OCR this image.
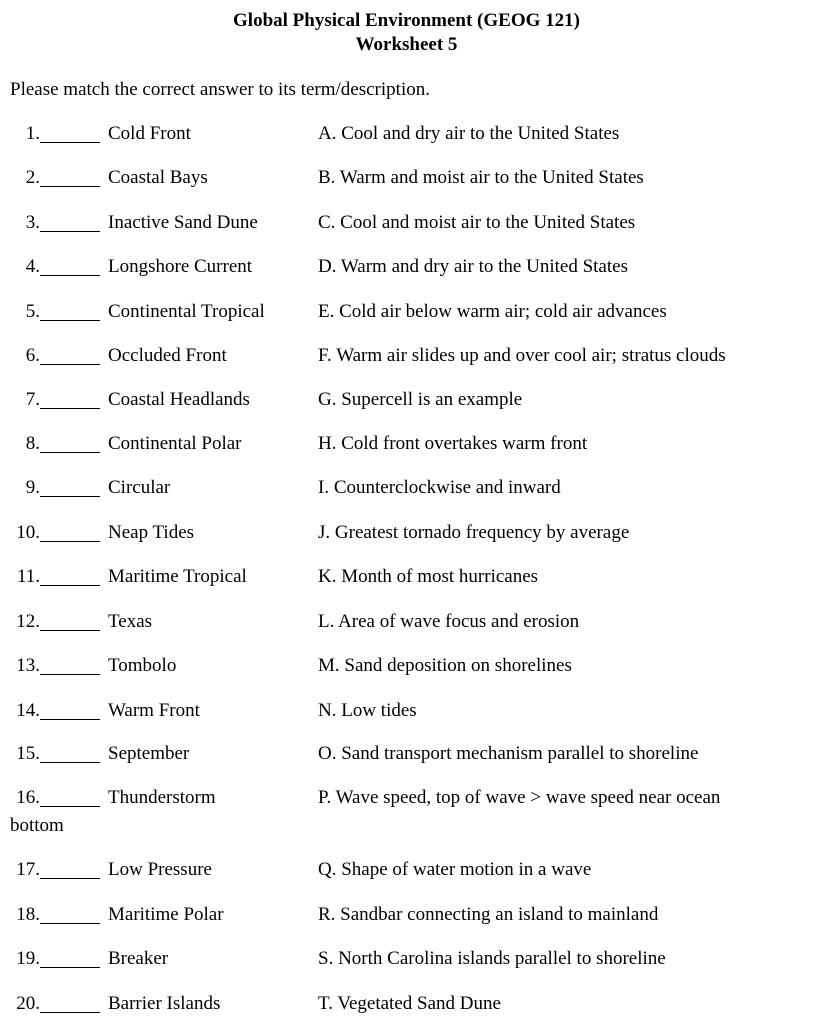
Global Physical Environment (GEOG 121)
Worksheet 5
Please match the correct answer to its term/description.
1.	Cold Front	A. Cool and dry air to the United States
2.	Coastal Bays	B. Warm and moist air to the United States
3.	Inactive Sand Dune	C. Cool and moist air to the United States
4.	Longshore Current	D. Warm and dry air to the United States
5.	Continental Tropical	E. Cold air below warm air; cold air advances
6.	Occluded Front	F. Warm air slides up and over cool air; stratus clouds
7.	Coastal Headlands	G. Supercell is an example
8.	Continental Polar	H. Cold front overtakes warm front
9.	Circular	I. Counterclockwise and inward
10.	Neap Tides	J. Greatest tornado frequency by average
11.	Maritime Tropical	K. Month of most hurricanes
12.	Texas	L. Area of wave focus and erosion
13.	Tombolo	M. Sand deposition on shorelines
14.	Warm Front	N. Low tides
15.	September	O. Sand transport mechanism parallel to shoreline
16.	Thunderstorm	P. Wave speed, top of wave > wave speed near ocean
bottom
17.	Low Pressure	Q. Shape of water motion in a wave
18.	Maritime Polar	R. Sandbar connecting an island to mainland
19.	Breaker	S. North Carolina islands parallel to shoreline
20.	Barrier Islands	T. Vegetated Sand Dune
